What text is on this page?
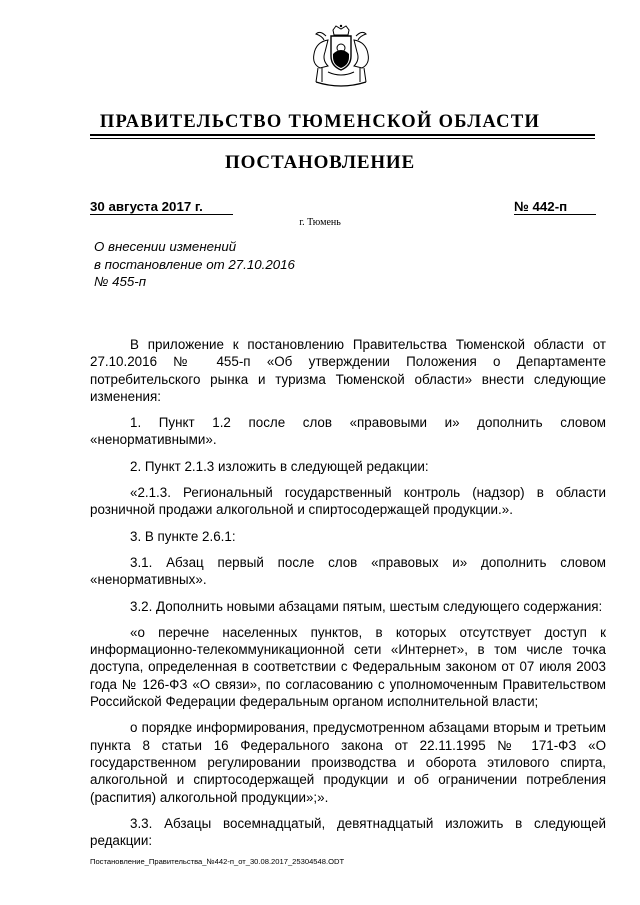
ПРАВИТЕЛЬСТВО ТЮМЕНСКОЙ ОБЛАСТИ
ПОСТАНОВЛЕНИЕ
30 августа 2017 г.	№ 442-п
г. Тюмень
О внесении изменений
в постановление от 27.10.2016
№ 455-п

В приложение к постановлению Правительства Тюменской области от 27.10.2016 № 455-п «Об утверждении Положения о Департаменте потребительского рынка и туризма Тюменской области» внести следующие изменения:

1. Пункт 1.2 после слов «правовыми и» дополнить словом «ненормативными».

2. Пункт 2.1.3 изложить в следующей редакции:

«2.1.3. Региональный государственный контроль (надзор) в области розничной продажи алкогольной и спиртосодержащей продукции.».

3. В пункте 2.6.1:

3.1. Абзац первый после слов «правовых и» дополнить словом «ненормативных».

3.2. Дополнить новыми абзацами пятым, шестым следующего содержания:

«о перечне населенных пунктов, в которых отсутствует доступ к информационно-телекоммуникационной сети «Интернет», в том числе точка доступа, определенная в соответствии с Федеральным законом от 07 июля 2003 года № 126-ФЗ «О связи», по согласованию с уполномоченным Правительством Российской Федерации федеральным органом исполнительной власти;

о порядке информирования, предусмотренном абзацами вторым и третьим пункта 8 статьи 16 Федерального закона от 22.11.1995 № 171-ФЗ «О государственном регулировании производства и оборота этилового спирта, алкогольной и спиртосодержащей продукции и об ограничении потребления (распития) алкогольной продукции»;».

3.3. Абзацы восемнадцатый, девятнадцатый изложить в следующей редакции:

Постановление_Правительства_№442-п_от_30.08.2017_25304548.ODT
